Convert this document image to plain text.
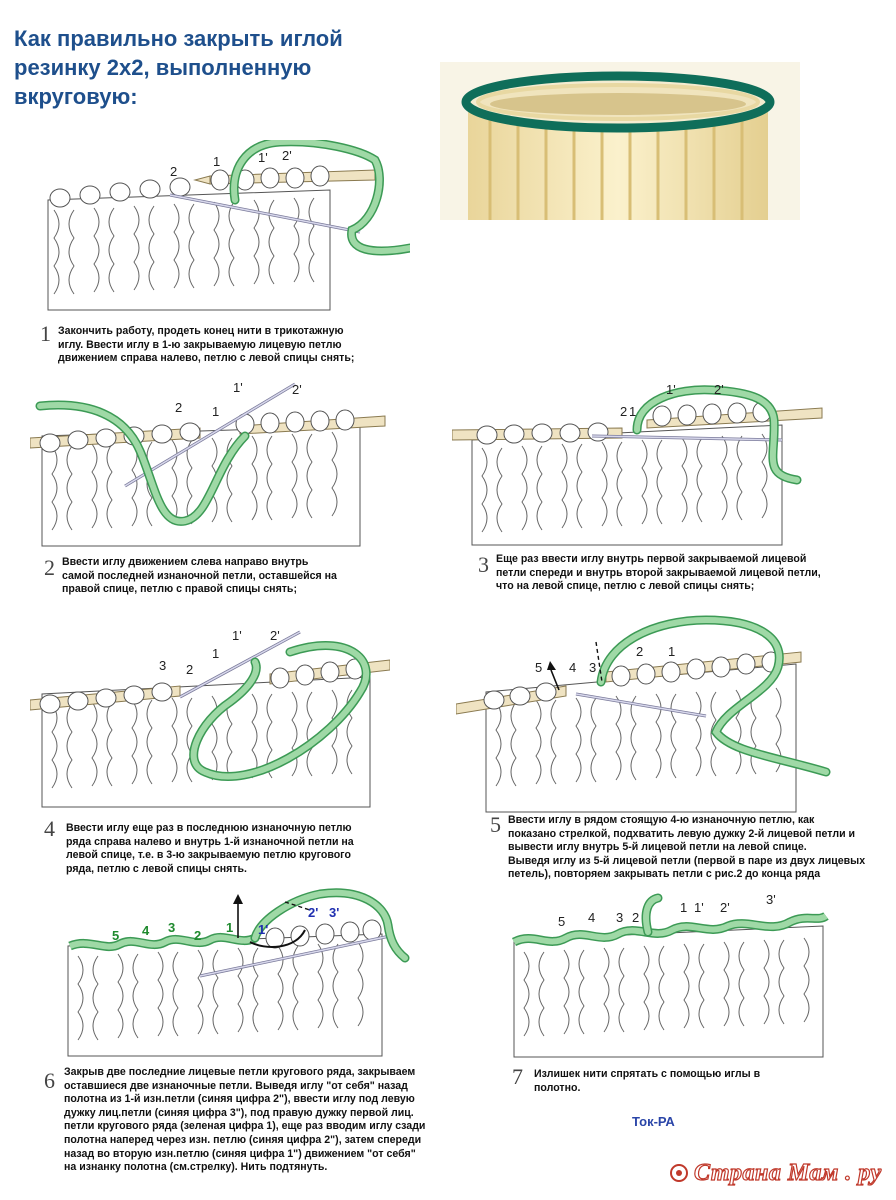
Как правильно закрыть иглой
резинку 2х2, выполненную
вкруговую:
2
1	1' 2'
1 Закончить работу, продеть конец нити в трикотажную
иглу. Ввести иглу в 1-ю закрываемую лицевую петлю
движением справа налево, петлю с левой спицы снять;
2 1
1'	2'
2 Ввести иглу движением слева направо внутрь
самой последней изнаночной петли, оставшейся на
правой спице, петлю с правой спицы снять;
2 1
1'	2'
3 Еще раз ввести иглу внутрь первой закрываемой лицевой
петли спереди и внутрь второй закрываемой лицевой петли,
что на левой спице, петлю с левой спицы снять;
3 2
1
1' 2'
4 Ввести иглу еще раз в последнюю изнаночную петлю
ряда справа налево и внутрь 1-й изнаночной петли на
левой спице, т.е. в 3-ю закрываемую петлю кругового
ряда, петлю с левой спицы снять.
5 4 3
2 1
5 Ввести иглу в рядом стоящую 4-ю изнаночную петлю, как
показано стрелкой, подхватить левую дужку 2-й лицевой петли и
вывести иглу внутрь 5-й лицевой петли на левой спице.
Выведя иглу из 5-й лицевой петли (первой в паре из двух лицевых
петель), повторяем закрывать петли с рис.2 до конца ряда
5 4 3
2
1 1'
2' 3'
6 Закрыв две последние лицевые петли кругового ряда, закрываем
оставшиеся две изнаночные петли. Выведя иглу "от себя" назад
полотна из 1-й изн.петли (синяя цифра 2"), ввести иглу под левую
дужку лиц.петли (синяя цифра 3"), под правую дужку первой лиц.
петли кругового ряда (зеленая цифра 1), еще раз вводим иглу сзади
полотна наперед через изн. петлю (синяя цифра 2"), затем спереди
назад во вторую изн.петлю (синяя цифра 1") движением "от себя"
на изнанку полотна (см.стрелку). Нить подтянуть.
5 4 3 2
1 1' 2'
3'
7 Излишек нити спрятать с помощью иглы в
полотно.
Ток-РА
Страна Мам . ру
